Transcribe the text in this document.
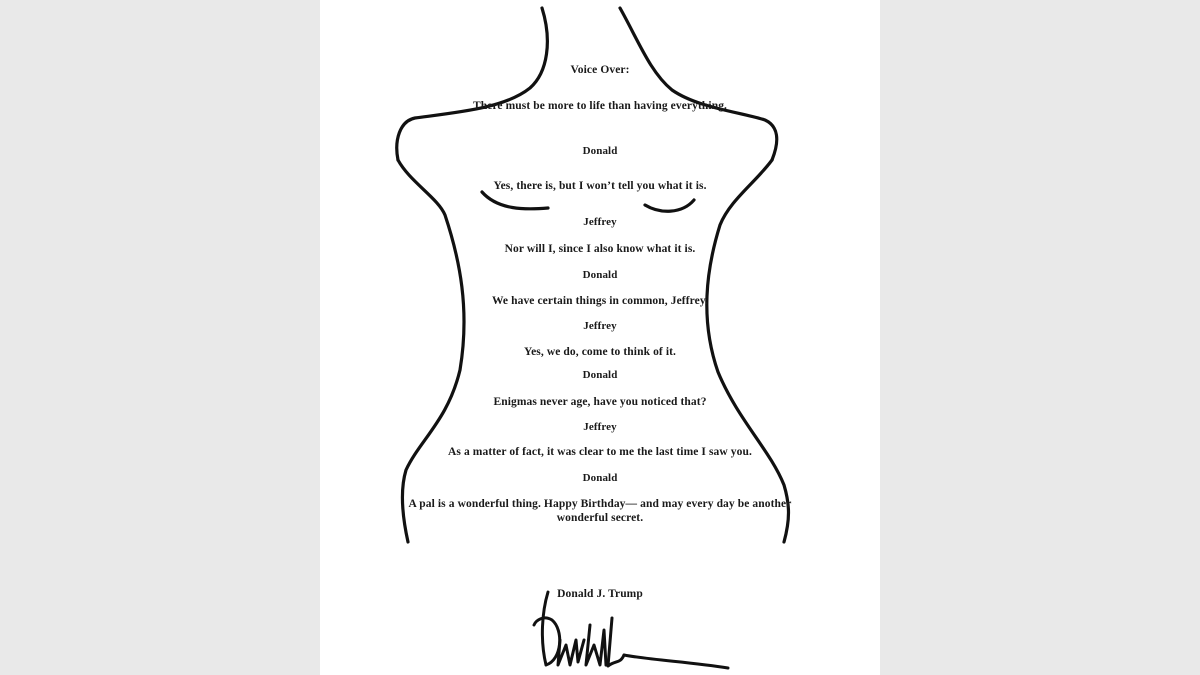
Voice Over:
There must be more to life than having everything.
Donald
Yes, there is, but I won’t tell you what it is.
Jeffrey
Nor will I, since I also know what it is.
Donald
We have certain things in common, Jeffrey.
Jeffrey
Yes, we do, come to think of it.
Donald
Enigmas never age, have you noticed that?
Jeffrey
As a matter of fact, it was clear to me the last time I saw you.
Donald
A pal is a wonderful thing. Happy Birthday— and may every day be another wonderful secret.
Donald J. Trump
